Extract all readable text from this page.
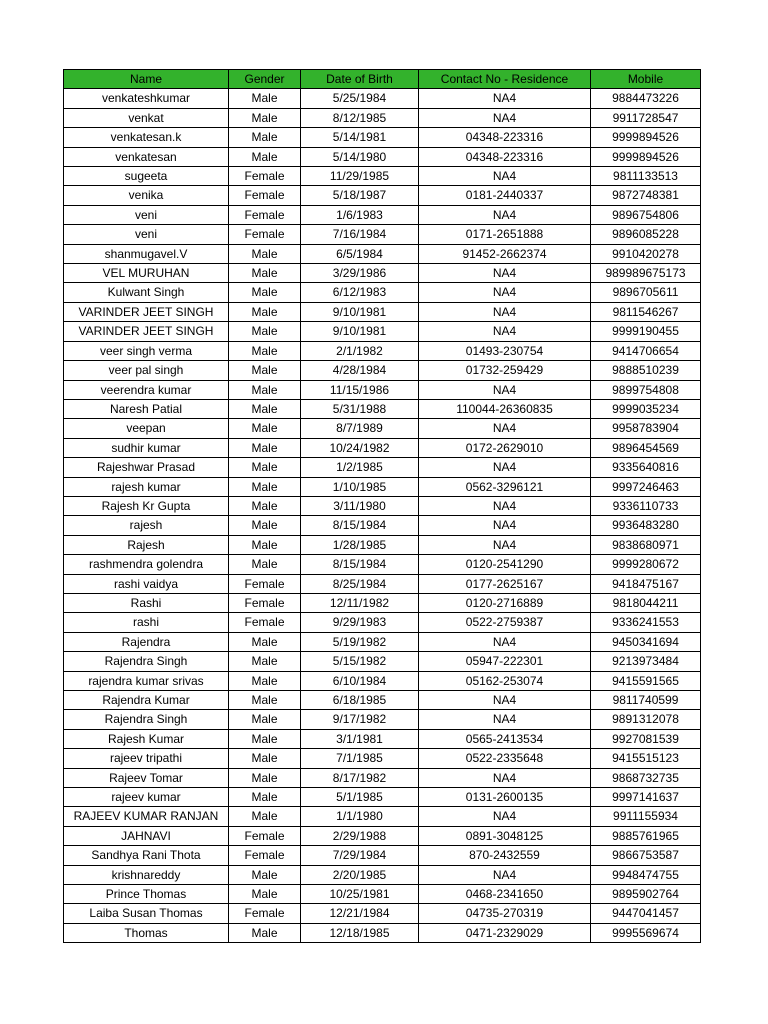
Name	Gender	Date of Birth	Contact No - Residence	Mobile
venkateshkumar	Male	5/25/1984	NA4	9884473226
venkat	Male	8/12/1985	NA4	9911728547
venkatesan.k	Male	5/14/1981	04348-223316	9999894526
venkatesan	Male	5/14/1980	04348-223316	9999894526
sugeeta	Female	11/29/1985	NA4	9811133513
venika	Female	5/18/1987	0181-2440337	9872748381
veni	Female	1/6/1983	NA4	9896754806
veni	Female	7/16/1984	0171-2651888	9896085228
shanmugavel.V	Male	6/5/1984	91452-2662374	9910420278
VEL MURUHAN	Male	3/29/1986	NA4	989989675173
Kulwant Singh	Male	6/12/1983	NA4	9896705611
VARINDER JEET SINGH	Male	9/10/1981	NA4	9811546267
VARINDER JEET SINGH	Male	9/10/1981	NA4	9999190455
veer singh verma	Male	2/1/1982	01493-230754	9414706654
veer pal singh	Male	4/28/1984	01732-259429	9888510239
veerendra kumar	Male	11/15/1986	NA4	9899754808
Naresh Patial	Male	5/31/1988	110044-26360835	9999035234
veepan	Male	8/7/1989	NA4	9958783904
sudhir kumar	Male	10/24/1982	0172-2629010	9896454569
Rajeshwar Prasad	Male	1/2/1985	NA4	9335640816
rajesh kumar	Male	1/10/1985	0562-3296121	9997246463
Rajesh Kr Gupta	Male	3/11/1980	NA4	9336110733
rajesh	Male	8/15/1984	NA4	9936483280
Rajesh	Male	1/28/1985	NA4	9838680971
rashmendra golendra	Male	8/15/1984	0120-2541290	9999280672
rashi vaidya	Female	8/25/1984	0177-2625167	9418475167
Rashi	Female	12/11/1982	0120-2716889	9818044211
rashi	Female	9/29/1983	0522-2759387	9336241553
Rajendra	Male	5/19/1982	NA4	9450341694
Rajendra Singh	Male	5/15/1982	05947-222301	9213973484
rajendra kumar srivas	Male	6/10/1984	05162-253074	9415591565
Rajendra Kumar	Male	6/18/1985	NA4	9811740599
Rajendra Singh	Male	9/17/1982	NA4	9891312078
Rajesh Kumar	Male	3/1/1981	0565-2413534	9927081539
rajeev tripathi	Male	7/1/1985	0522-2335648	9415515123
Rajeev Tomar	Male	8/17/1982	NA4	9868732735
rajeev kumar	Male	5/1/1985	0131-2600135	9997141637
RAJEEV KUMAR RANJAN	Male	1/1/1980	NA4	9911155934
JAHNAVI	Female	2/29/1988	0891-3048125	9885761965
Sandhya Rani Thota	Female	7/29/1984	870-2432559	9866753587
krishnareddy	Male	2/20/1985	NA4	9948474755
Prince Thomas	Male	10/25/1981	0468-2341650	9895902764
Laiba Susan Thomas	Female	12/21/1984	04735-270319	9447041457
Thomas	Male	12/18/1985	0471-2329029	9995569674
